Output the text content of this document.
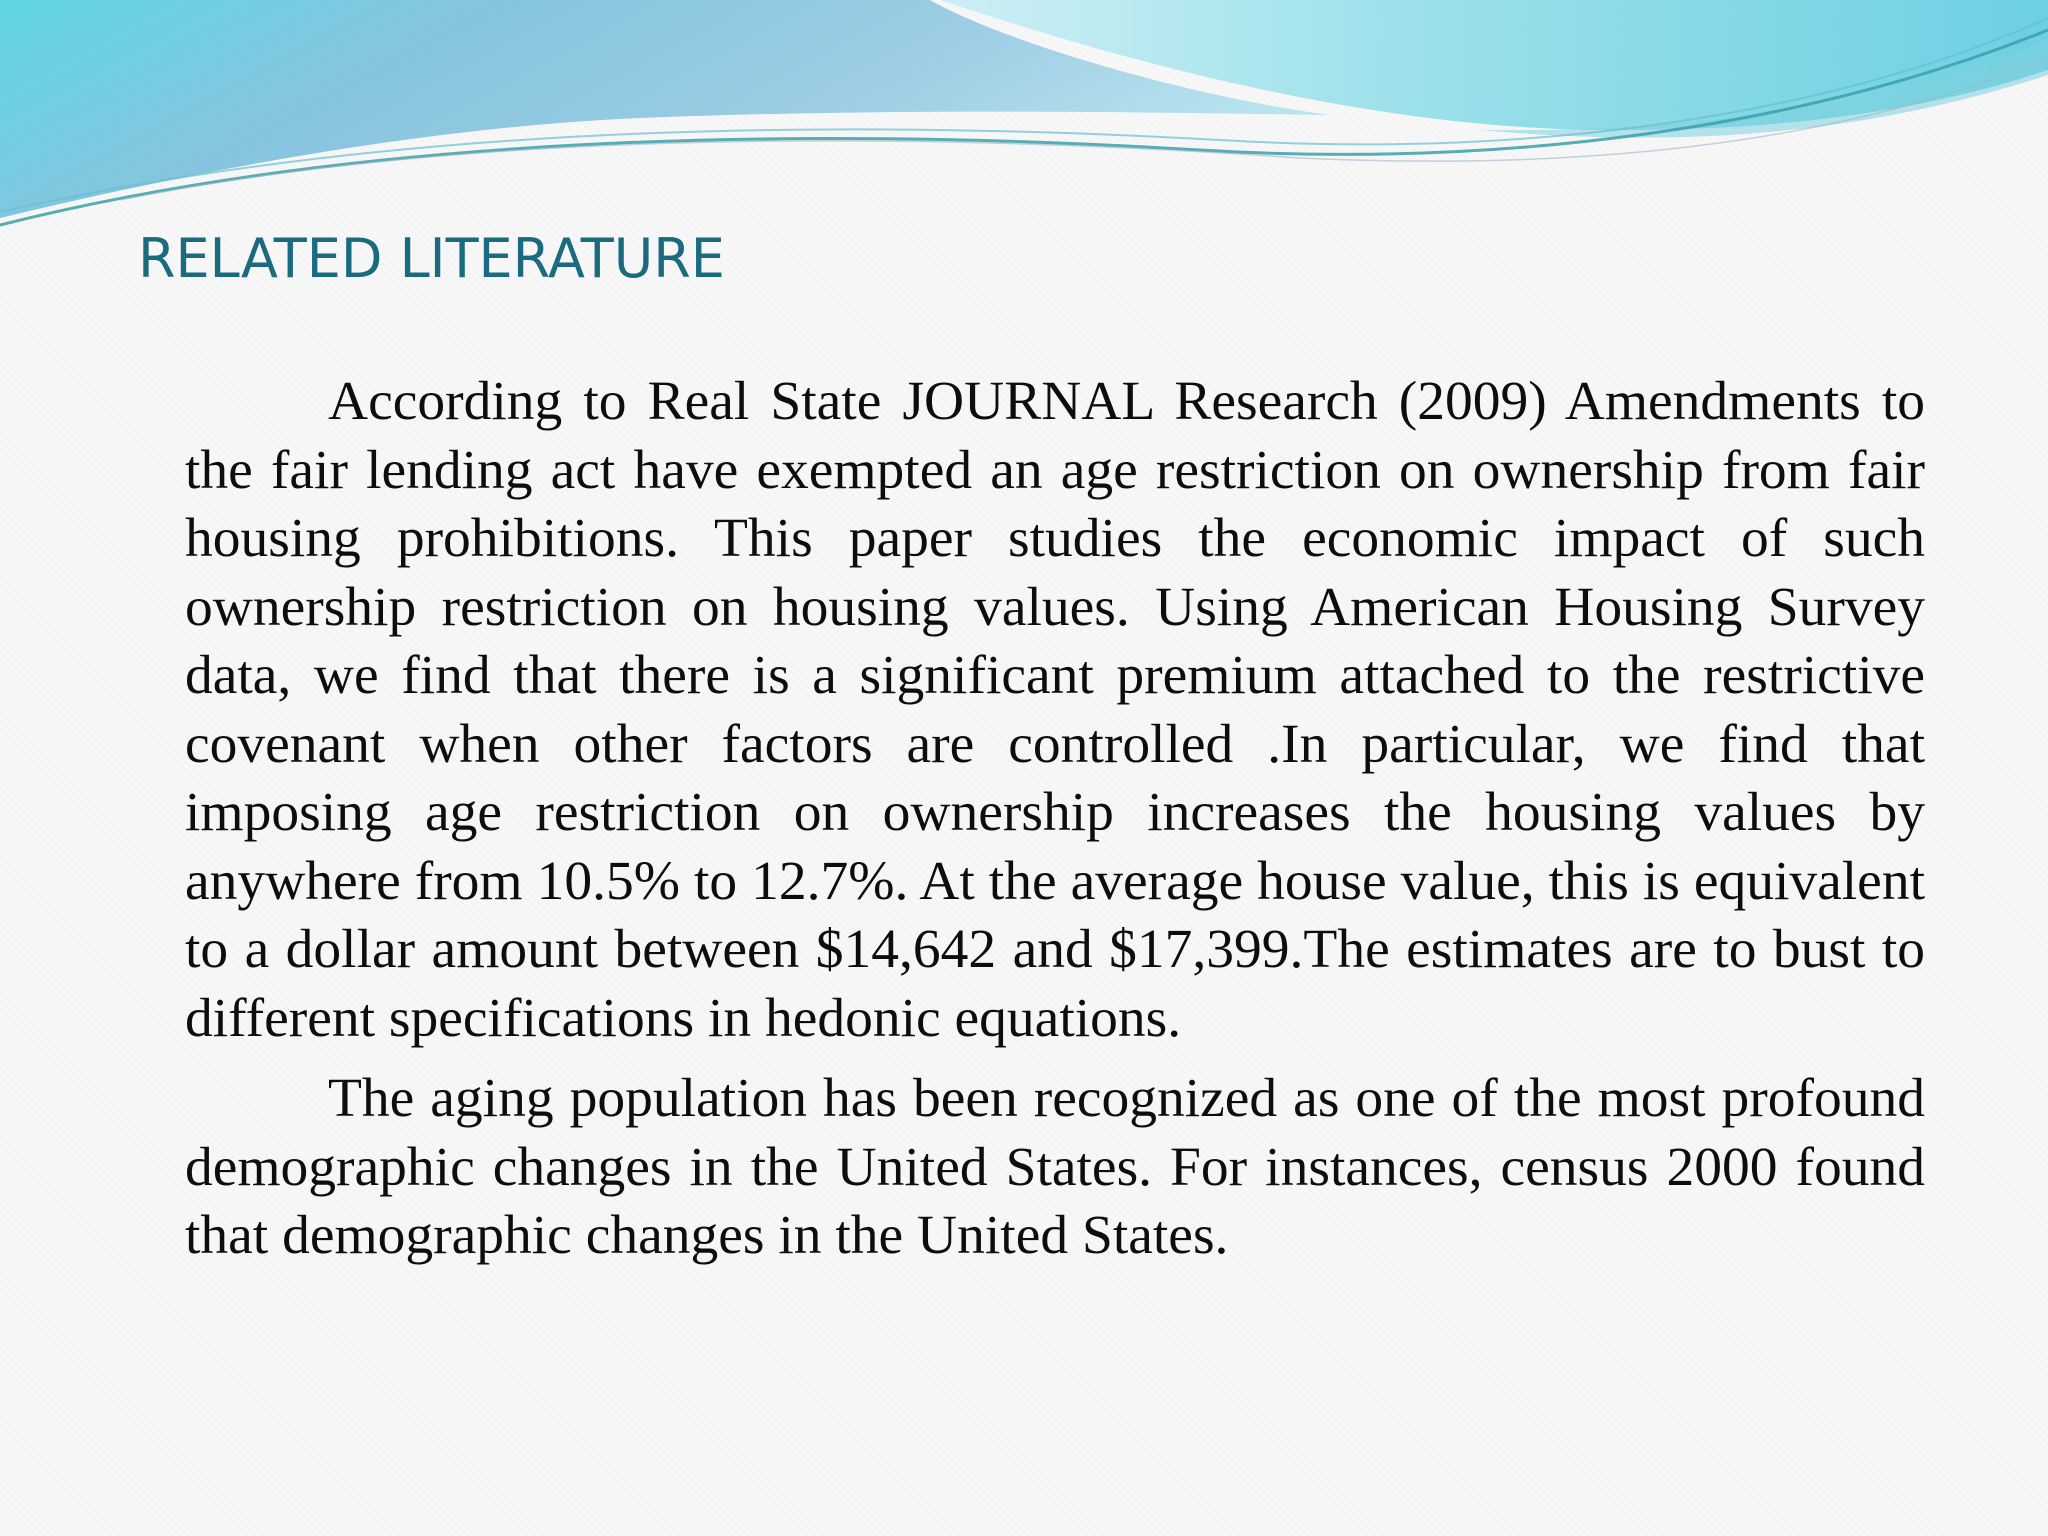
RELATED LITERATURE

According to Real State JOURNAL Research (2009) Amendments to the fair lending act have exempted an age restriction on ownership from fair housing prohibitions. This paper studies the economic impact of such ownership restriction on housing values. Using American Housing Survey data, we find that there is a significant premium attached to the restrictive covenant when other factors are controlled .In particular, we find that imposing age restriction on ownership increases the housing values by anywhere from 10.5% to 12.7%. At the average house value, this is equivalent to a dollar amount between $14,642 and $17,399.The estimates are to bust to different specifications in hedonic equations.

The aging population has been recognized as one of the most profound demographic changes in the United States. For instances, census 2000 found that demographic changes in the United States.
